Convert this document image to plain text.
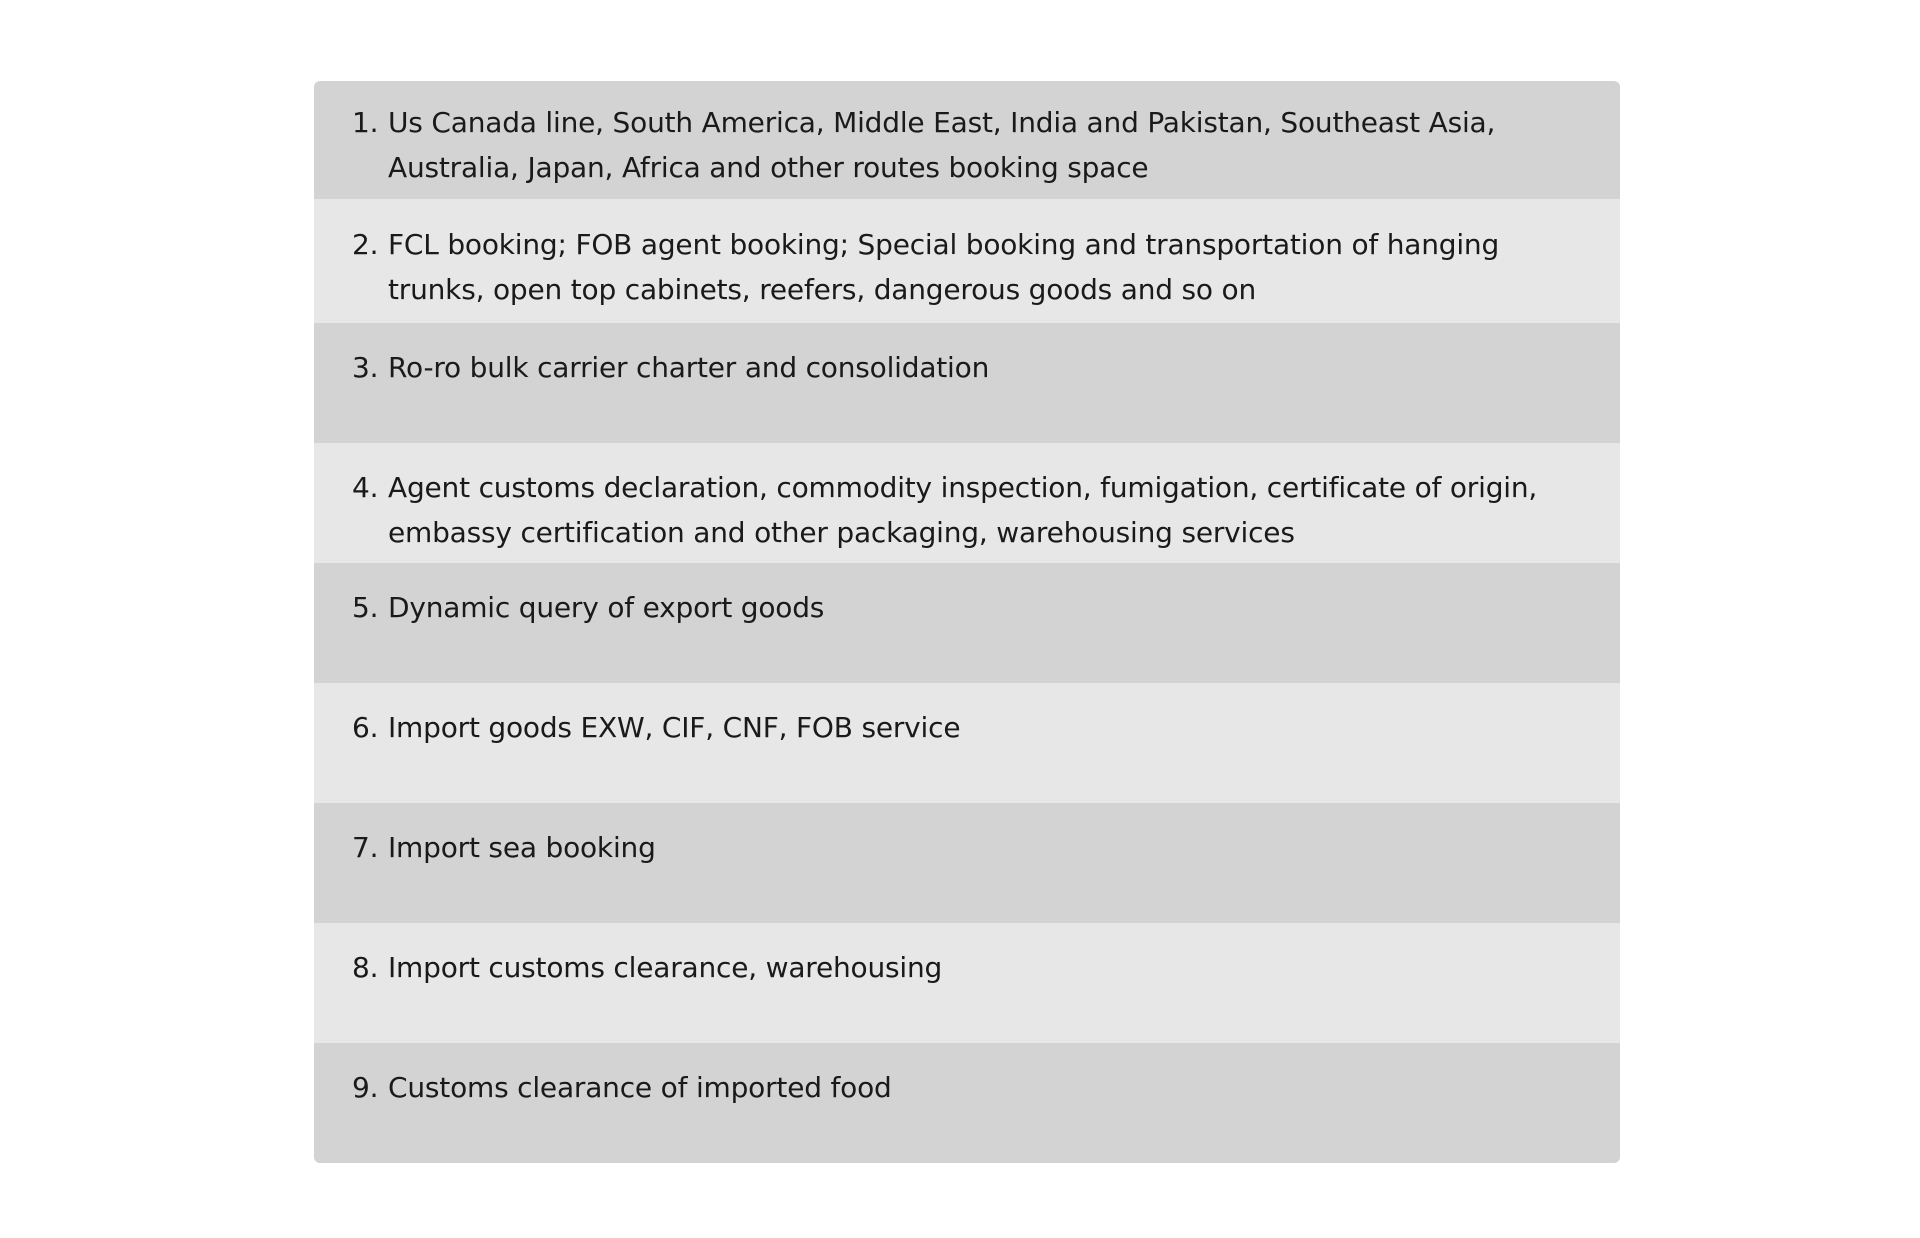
1. Us Canada line, South America, Middle East, India and Pakistan, Southeast Asia, Australia, Japan, Africa and other routes booking space
2. FCL booking; FOB agent booking; Special booking and transportation of hanging trunks, open top cabinets, reefers, dangerous goods and so on
3. Ro-ro bulk carrier charter and consolidation
4. Agent customs declaration, commodity inspection, fumigation, certificate of origin, embassy certification and other packaging, warehousing services
5. Dynamic query of export goods
6. Import goods EXW, CIF, CNF, FOB service
7. Import sea booking
8. Import customs clearance, warehousing
9. Customs clearance of imported food
